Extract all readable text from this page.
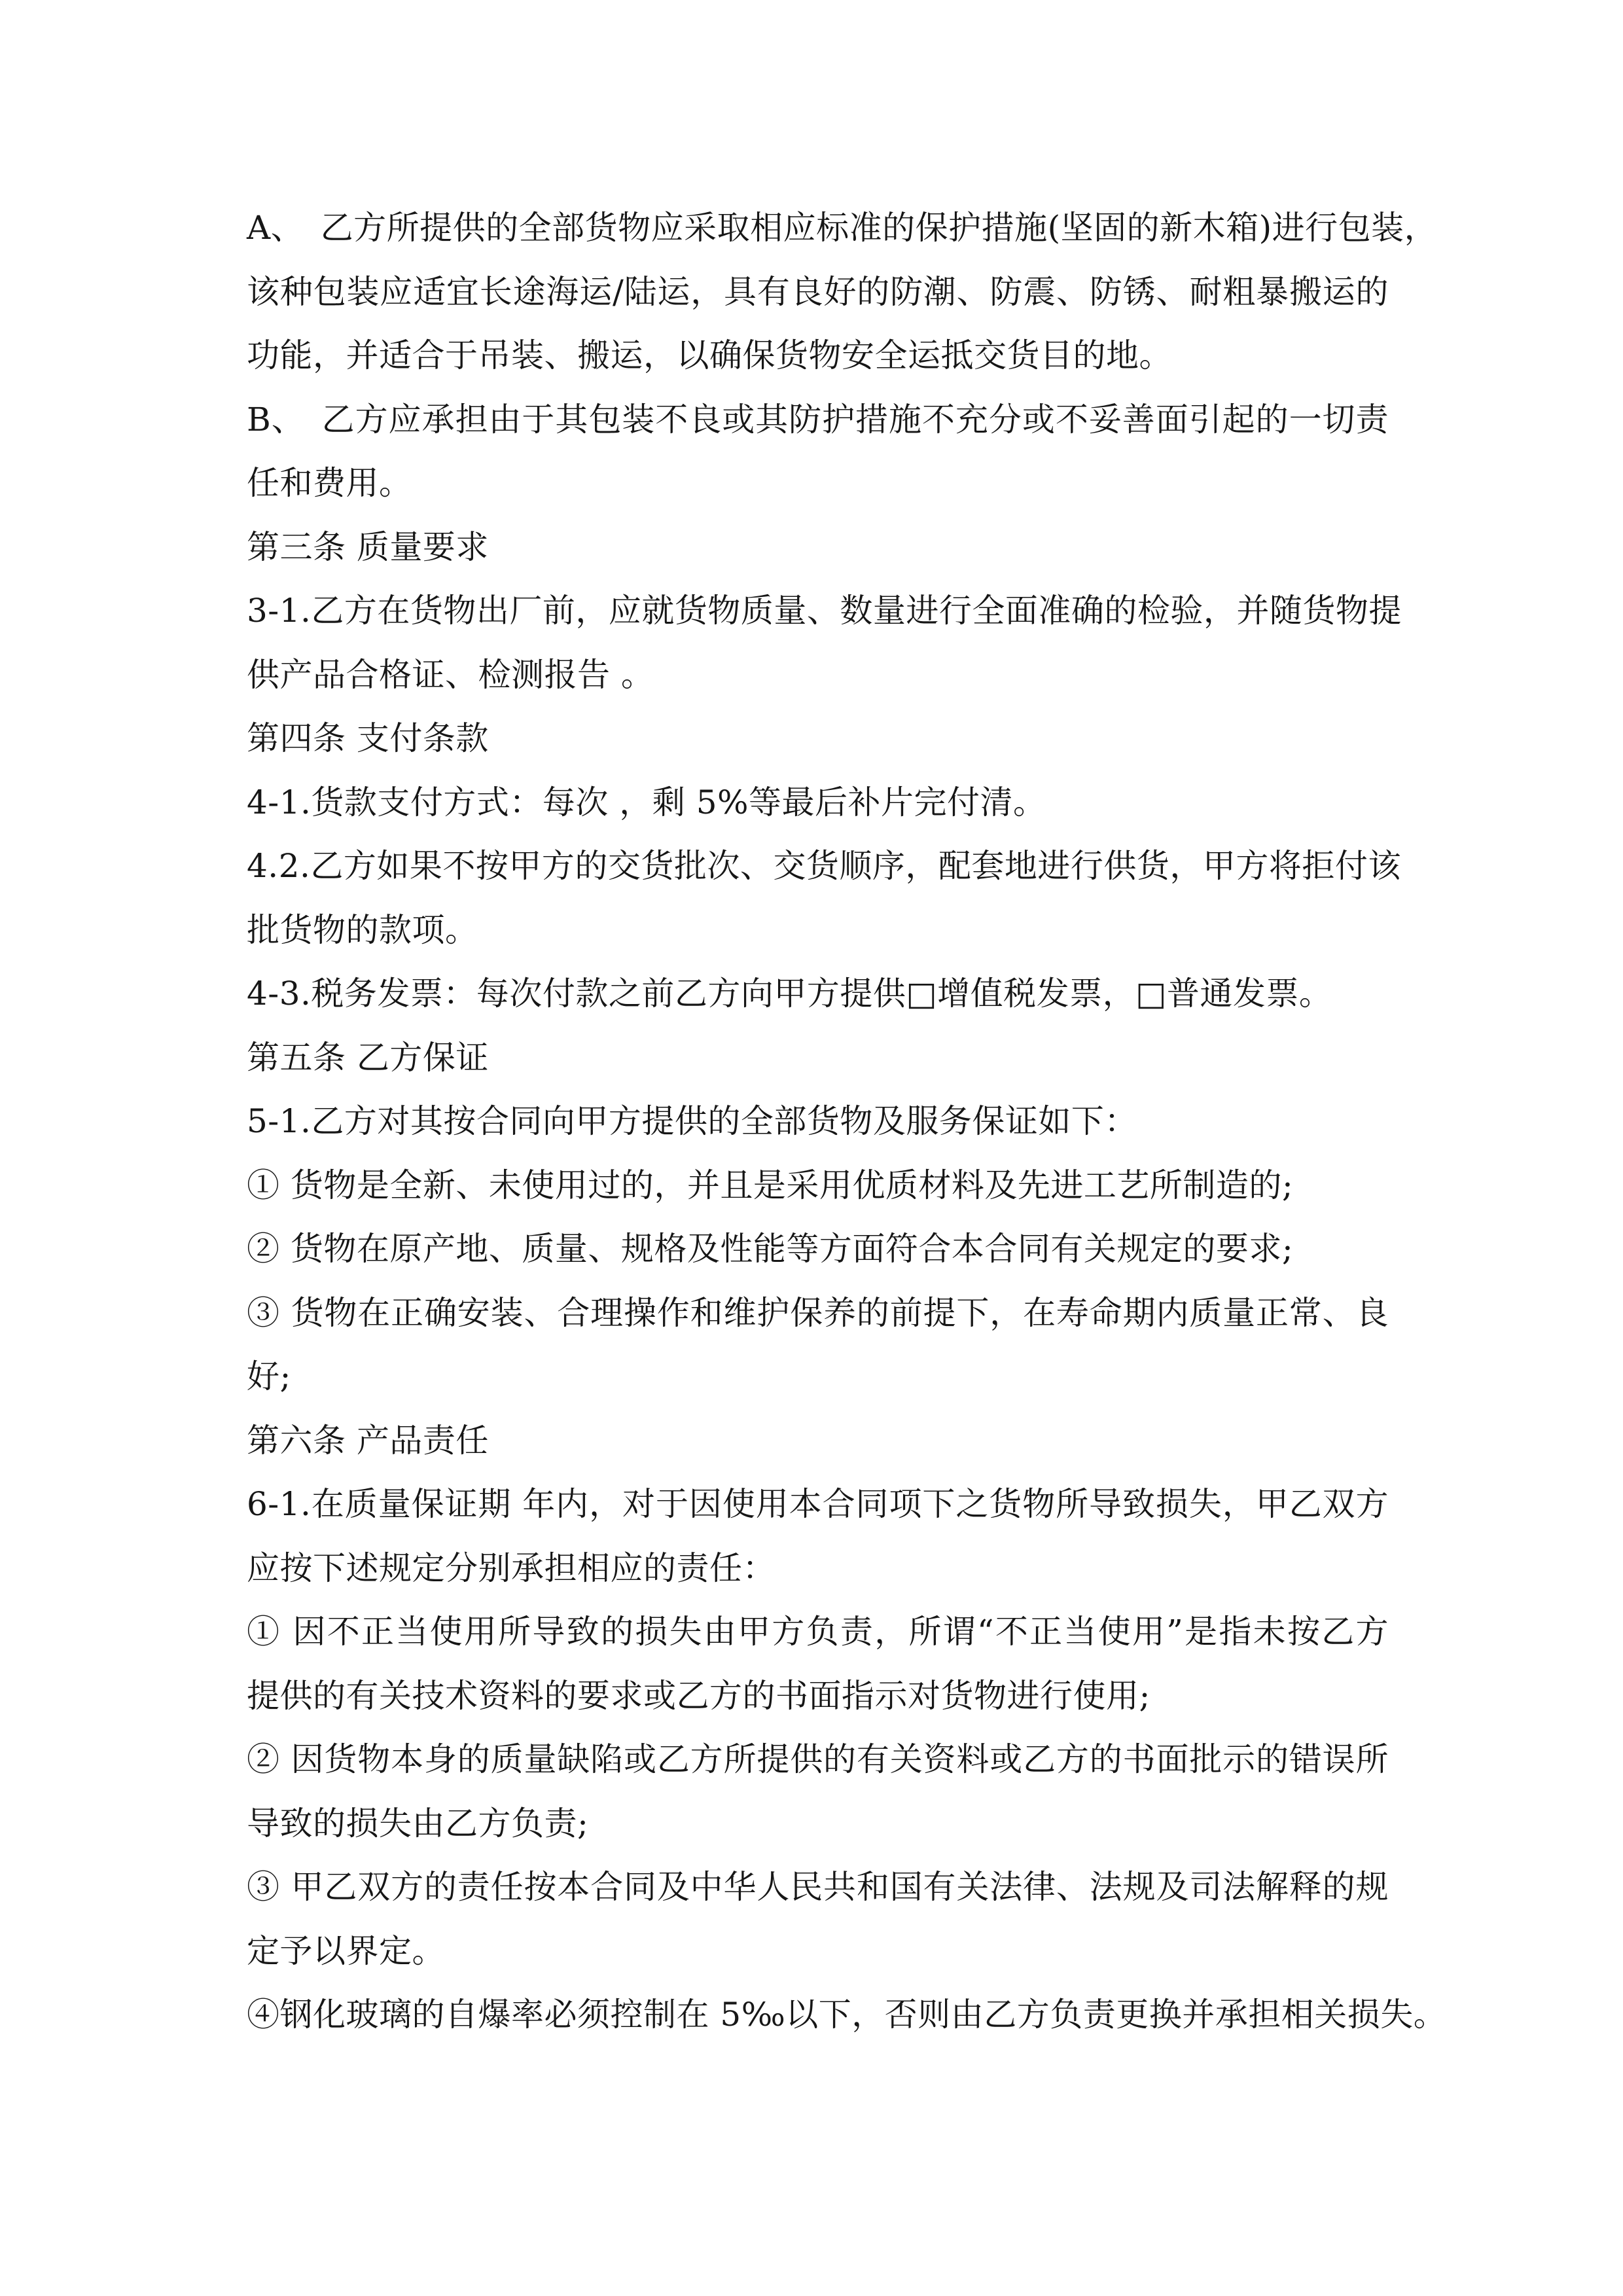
A、　乙方所提供的全部货物应采取相应标准的保护措施(坚固的新木箱)进行包装，
该种包装应适宜长途海运/陆运，具有良好的防潮、防震、防锈、耐粗暴搬运的
功能，并适合于吊装、搬运，以确保货物安全运抵交货目的地。
B、　乙方应承担由于其包装不良或其防护措施不充分或不妥善面引起的一切责
任和费用。
第三条 质量要求
3-1.乙方在货物出厂前，应就货物质量、数量进行全面准确的检验，并随货物提
供产品合格证、检测报告 。
第四条 支付条款
4-1.货款支付方式：每次 ，剩 5%等最后补片完付清。
4.2.乙方如果不按甲方的交货批次、交货顺序，配套地进行供货，甲方将拒付该
批货物的款项。
4-3.税务发票：每次付款之前乙方向甲方提供□增值税发票，□普通发票。
第五条 乙方保证
5-1.乙方对其按合同向甲方提供的全部货物及服务保证如下：
① 货物是全新、未使用过的，并且是采用优质材料及先进工艺所制造的;
② 货物在原产地、质量、规格及性能等方面符合本合同有关规定的要求;
③ 货物在正确安装、合理操作和维护保养的前提下，在寿命期内质量正常、良
好;
第六条 产品责任
6-1.在质量保证期 年内，对于因使用本合同项下之货物所导致损失，甲乙双方
应按下述规定分别承担相应的责任：
① 因不正当使用所导致的损失由甲方负责，所谓“不正当使用”是指未按乙方
提供的有关技术资料的要求或乙方的书面指示对货物进行使用;
② 因货物本身的质量缺陷或乙方所提供的有关资料或乙方的书面批示的错误所
导致的损失由乙方负责;
③ 甲乙双方的责任按本合同及中华人民共和国有关法律、法规及司法解释的规
定予以界定。
④钢化玻璃的自爆率必须控制在 5‰以下，否则由乙方负责更换并承担相关损失。
